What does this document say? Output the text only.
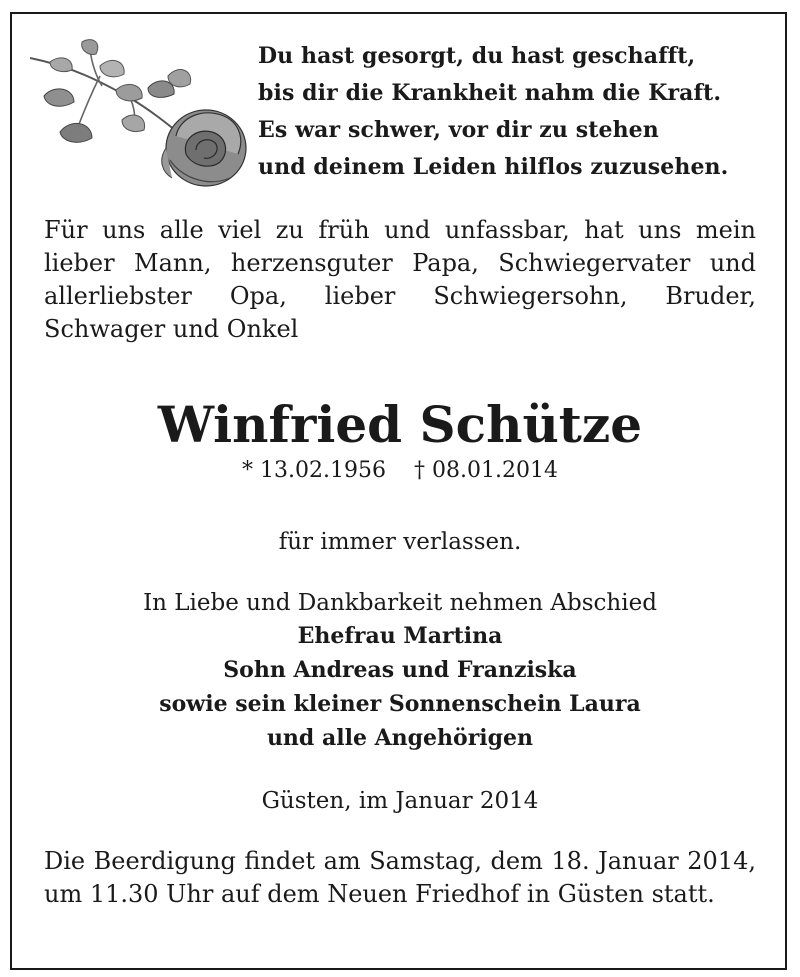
Du hast gesorgt, du hast geschafft,
bis dir die Krankheit nahm die Kraft.
Es war schwer, vor dir zu stehen
und deinem Leiden hilflos zuzusehen.
Für uns alle viel zu früh und unfassbar, hat uns mein lieber Mann, herzensguter Papa, Schwiegervater und allerliebster Opa, lieber Schwiegersohn, Bruder, Schwager und Onkel
Winfried Schütze
* 13.02.1956 † 08.01.2014
für immer verlassen.
In Liebe und Dankbarkeit nehmen Abschied
Ehefrau Martina
Sohn Andreas und Franziska
sowie sein kleiner Sonnenschein Laura
und alle Angehörigen
Güsten, im Januar 2014
Die Beerdigung findet am Samstag, dem 18. Januar 2014, um 11.30 Uhr auf dem Neuen Friedhof in Güsten statt.
